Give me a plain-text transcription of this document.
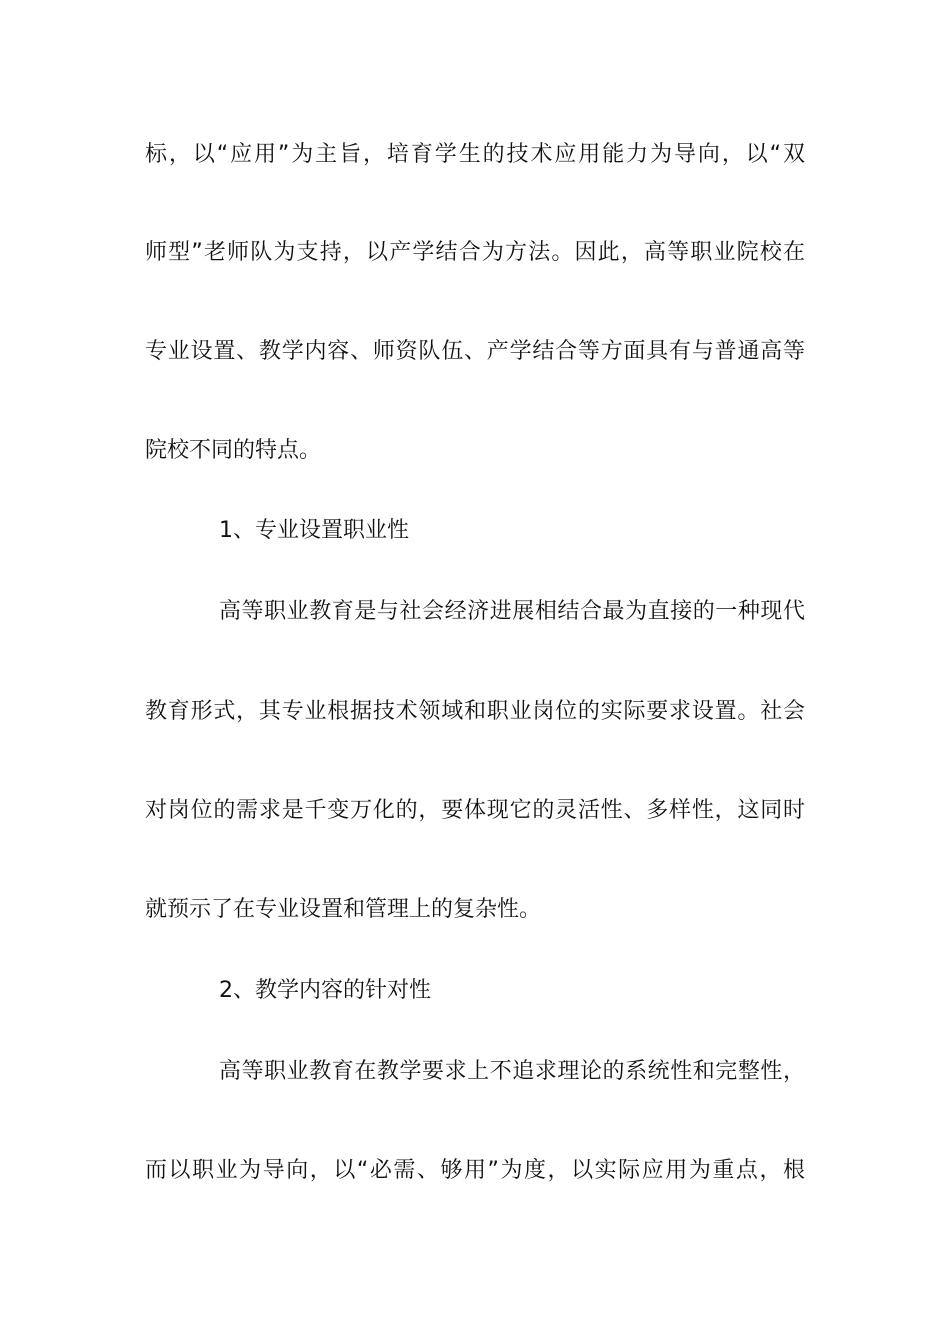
标，以“应用”为主旨，培育学生的技术应用能力为导向，以“双
师型”老师队为支持，以产学结合为方法。因此，高等职业院校在
专业设置、教学内容、师资队伍、产学结合等方面具有与普通高等
院校不同的特点。
1、专业设置职业性
高等职业教育是与社会经济进展相结合最为直接的一种现代
教育形式，其专业根据技术领域和职业岗位的实际要求设置。社会
对岗位的需求是千变万化的，要体现它的灵活性、多样性，这同时
就预示了在专业设置和管理上的复杂性。
2、教学内容的针对性
高等职业教育在教学要求上不追求理论的系统性和完整性，
而以职业为导向，以“必需、够用”为度，以实际应用为重点，根
